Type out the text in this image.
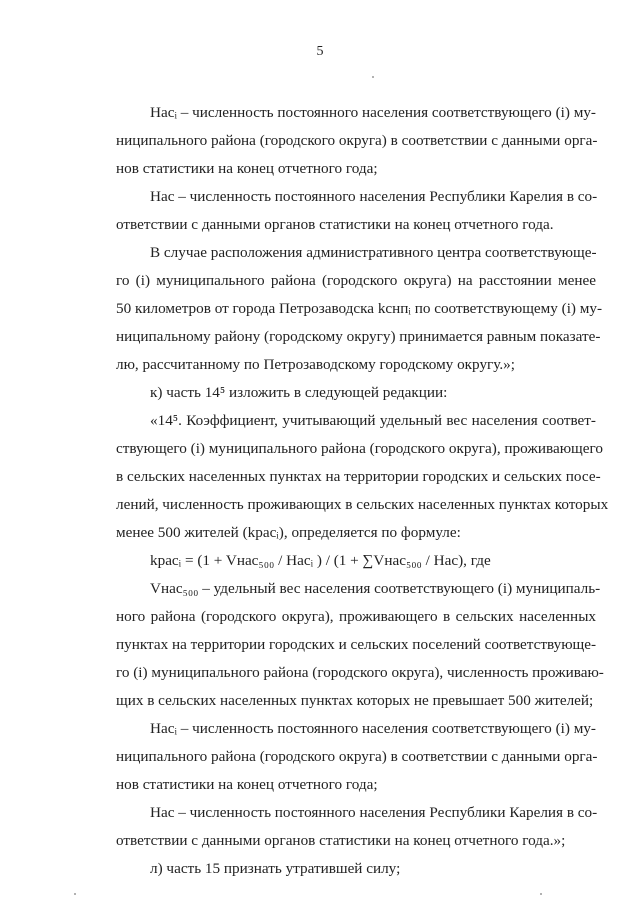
5
Насᵢ – численность постоянного населения соответствующего (i) му-
ниципального района (городского округа) в соответствии с данными орга-
нов статистики на конец отчетного года;
Нас – численность постоянного населения Республики Карелия в со-
ответствии с данными органов статистики на конец отчетного года.
В случае расположения административного центра соответствующе-
го (i) муниципального района (городского округа) на расстоянии менее
50 километров от города Петрозаводска kснпᵢ по соответствующему (i) му-
ниципальному району (городскому округу) принимается равным показате-
лю, рассчитанному по Петрозаводскому городскому округу.»;
к) часть 14⁵ изложить в следующей редакции:
«14⁵. Коэффициент, учитывающий удельный вес населения соответ-
ствующего (i) муниципального района (городского округа), проживающего
в сельских населенных пунктах на территории городских и сельских посе-
лений, численность проживающих в сельских населенных пунктах которых
менее 500 жителей (kрасᵢ), определяется по формуле:
kрасᵢ = (1 + Vнас₅₀₀ / Насᵢ ) / (1 + ∑Vнас₅₀₀ / Нас), где
Vнас₅₀₀ – удельный вес населения соответствующего (i) муниципаль-
ного района (городского округа), проживающего в сельских населенных
пунктах на территории городских и сельских поселений соответствующе-
го (i) муниципального района (городского округа), численность проживаю-
щих в сельских населенных пунктах которых не превышает 500 жителей;
Насᵢ – численность постоянного населения соответствующего (i) му-
ниципального района (городского округа) в соответствии с данными орга-
нов статистики на конец отчетного года;
Нас – численность постоянного населения Республики Карелия в со-
ответствии с данными органов статистики на конец отчетного года.»;
л) часть 15 признать утратившей силу;
